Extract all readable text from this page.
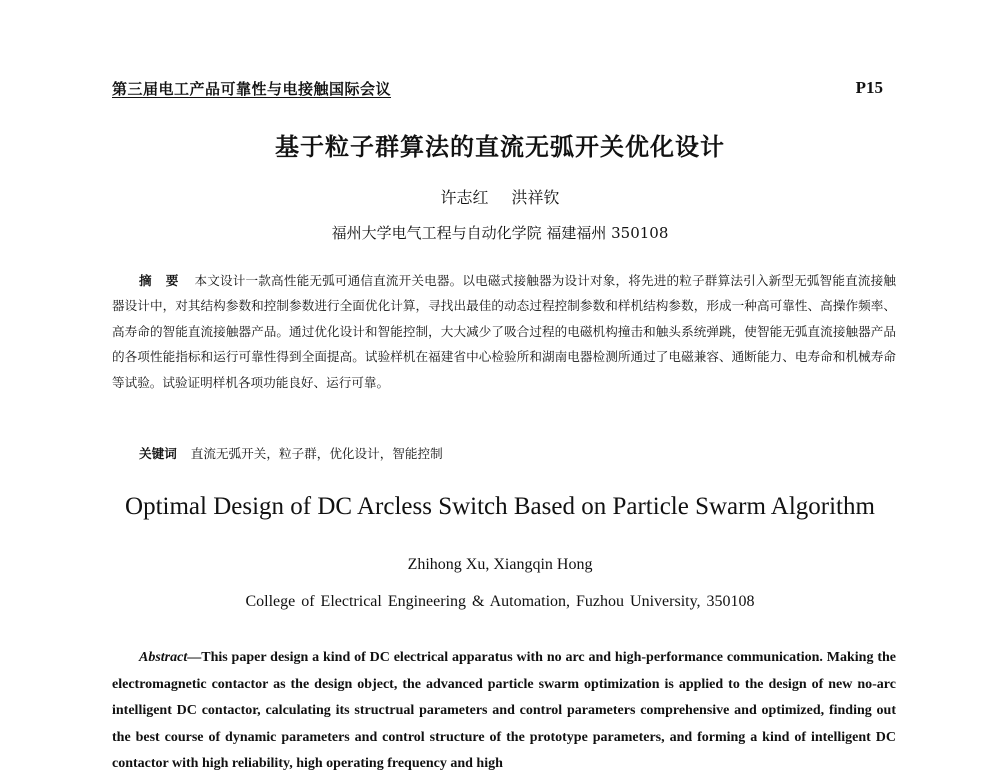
第三届电工产品可靠性与电接触国际会议	P15
基于粒子群算法的直流无弧开关优化设计
许志红 洪祥钦
福州大学电气工程与自动化学院 福建福州 350108
摘要 本文设计一款高性能无弧可通信直流开关电器。以电磁式接触器为设计对象，将先进的粒子群算法引入新型无弧智能直流接触器设计中，对其结构参数和控制参数进行全面优化计算，寻找出最佳的动态过程控制参数和样机结构参数，形成一种高可靠性、高操作频率、高寿命的智能直流接触器产品。通过优化设计和智能控制，大大减少了吸合过程的电磁机构撞击和触头系统弹跳，使智能无弧直流接触器产品的各项性能指标和运行可靠性得到全面提高。试验样机在福建省中心检验所和湖南电器检测所通过了电磁兼容、通断能力、电寿命和机械寿命等试验。试验证明样机各项功能良好、运行可靠。
关键词 直流无弧开关，粒子群，优化设计，智能控制
Optimal Design of DC Arcless Switch Based on Particle Swarm Algorithm
Zhihong Xu, Xiangqin Hong
College of Electrical Engineering & Automation, Fuzhou University, 350108
Abstract—This paper design a kind of DC electrical apparatus with no arc and high-performance communication. Making the electromagnetic contactor as the design object, the advanced particle swarm optimization is applied to the design of new no-arc intelligent DC contactor, calculating its structrual parameters and control parameters comprehensive and optimized, finding out the best course of dynamic parameters and control structure of the prototype parameters, and forming a kind of intelligent DC contactor with high reliability, high operating frequency and high
